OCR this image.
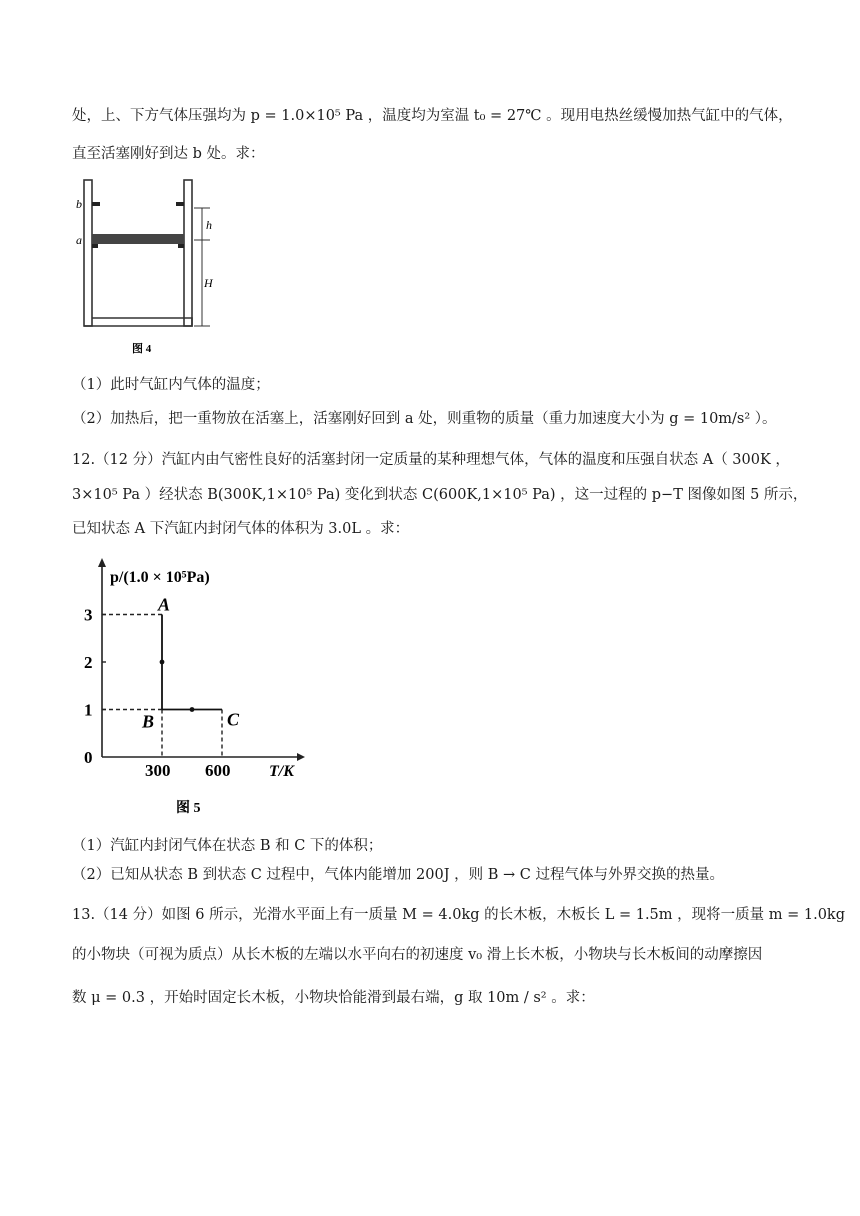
处，上、下方气体压强均为 p = 1.0×10⁵ Pa ，温度均为室温 t₀ = 27℃ 。现用电热丝缓慢加热气缸中的气体，
直至活塞刚好到达 b 处。求：
b
a
h
H
图 4
（1）此时气缸内气体的温度；
（2）加热后，把一重物放在活塞上，活塞刚好回到 a 处，则重物的质量（重力加速度大小为 g = 10m/s² ）。
12.（12 分）汽缸内由气密性良好的活塞封闭一定质量的某种理想气体，气体的温度和压强自状态 A（ 300K ，
3×10⁵ Pa ）经状态 B(300K,1×10⁵ Pa) 变化到状态 C(600K,1×10⁵ Pa) ，这一过程的 p−T 图像如图 5 所示，
已知状态 A 下汽缸内封闭气体的体积为 3.0L 。求：
p/(1.0 × 10⁵Pa)
T/K
0
1
2
3
300 600
A
B	C
图 5
（1）汽缸内封闭气体在状态 B 和 C 下的体积；
（2）已知从状态 B 到状态 C 过程中，气体内能增加 200J ，则 B → C 过程气体与外界交换的热量。
13.（14 分）如图 6 所示，光滑水平面上有一质量 M = 4.0kg 的长木板，木板长 L = 1.5m ，现将一质量 m = 1.0kg
的小物块（可视为质点）从长木板的左端以水平向右的初速度 v₀ 滑上长木板，小物块与长木板间的动摩擦因
数 μ = 0.3 ，开始时固定长木板，小物块恰能滑到最右端，g 取 10m / s² 。求：
